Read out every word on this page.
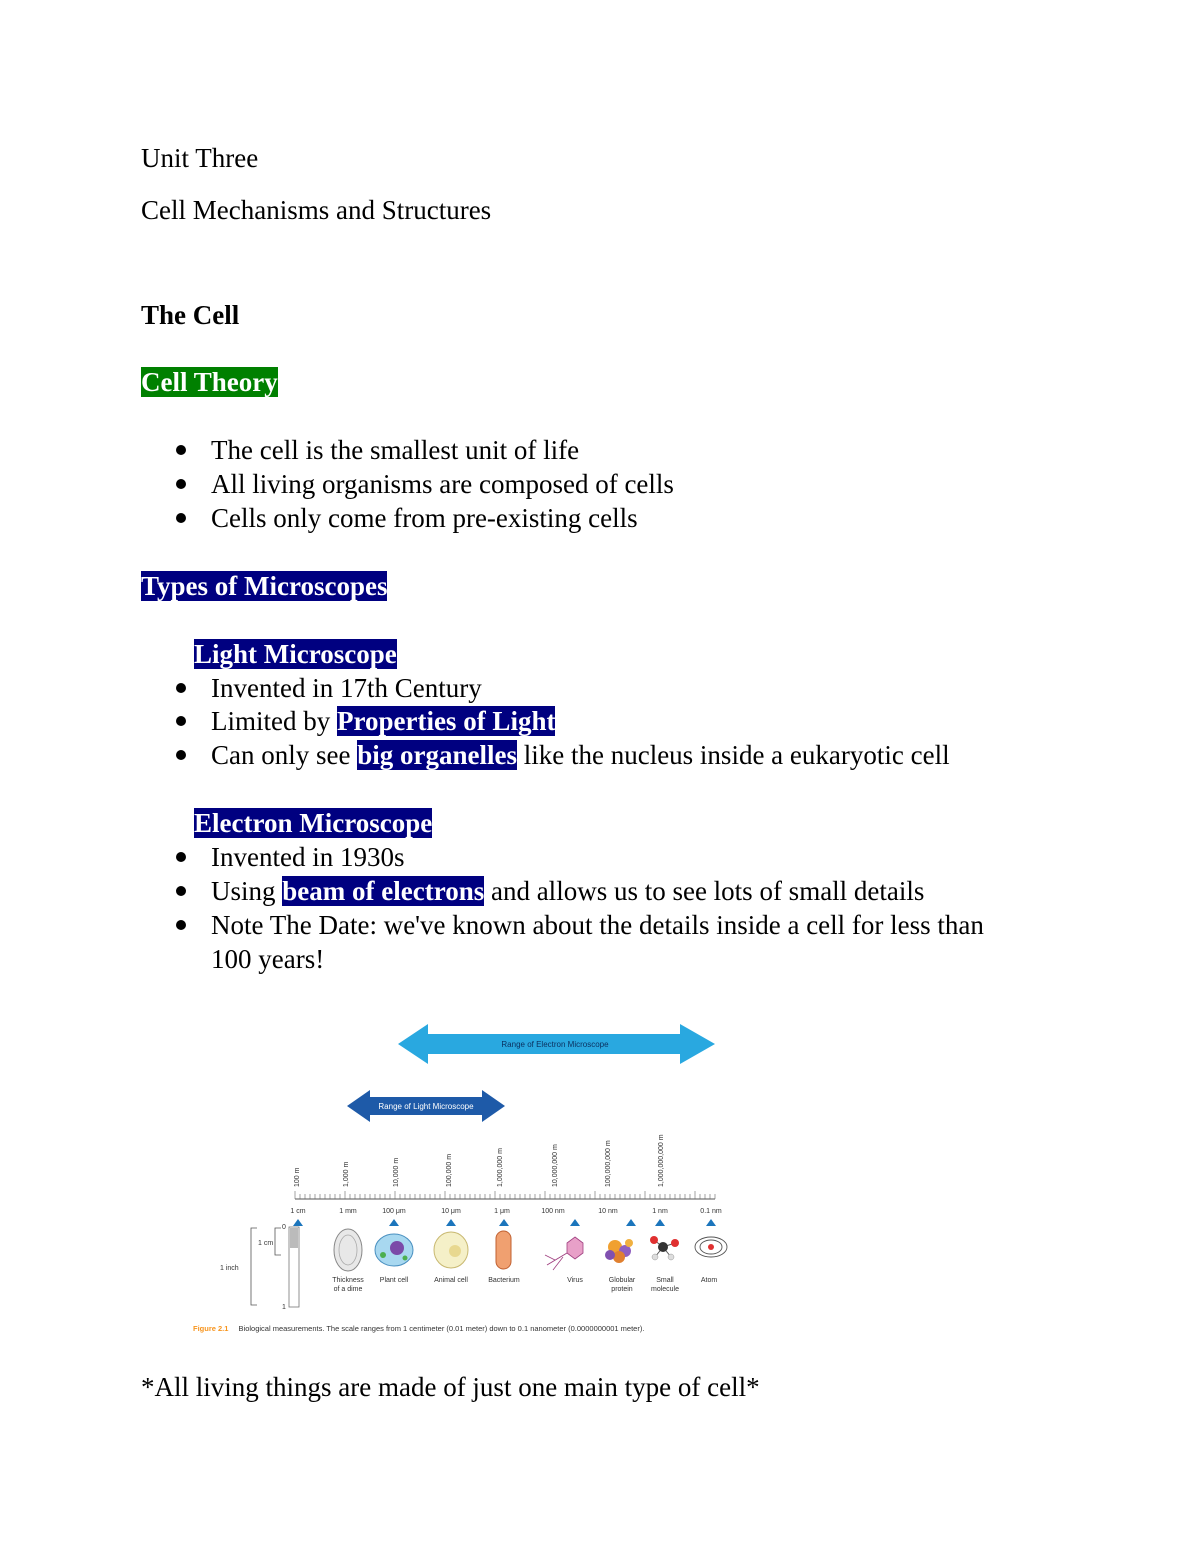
Unit Three
Cell Mechanisms and Structures
The Cell
Cell Theory
The cell is the smallest unit of life
All living organisms are composed of cells
Cells only come from pre-existing cells
Types of Microscopes
Light Microscope
Invented in 17th Century
Limited by Properties of Light
Can only see big organelles like the nucleus inside a eukaryotic cell
Electron Microscope
Invented in 1930s
Using beam of electrons and allows us to see lots of small details
Note The Date: we've known about the details inside a cell for less than
100 years!
Range of Electron Microscope
Range of Light Microscope
100 m	1,000 m	10,000 m	100,000 m	1,000,000 m	10,000,000 m	100,000,000 m	1,000,000,000 m
1 cm	1 mm	100 μm	10 μm	1 μm	100 nm	10 nm	1 nm	0.1 nm
1 cm
1 inch
0
1
Thickness of a dime
Plant cell	Animal cell	Bacterium	Virus	Globular protein
Small molecule
Atom
Figure 2.1 Biological measurements. The scale ranges from 1 centimeter (0.01 meter) down to 0.1 nanometer (0.0000000001 meter).
*All living things are made of just one main type of cell*
